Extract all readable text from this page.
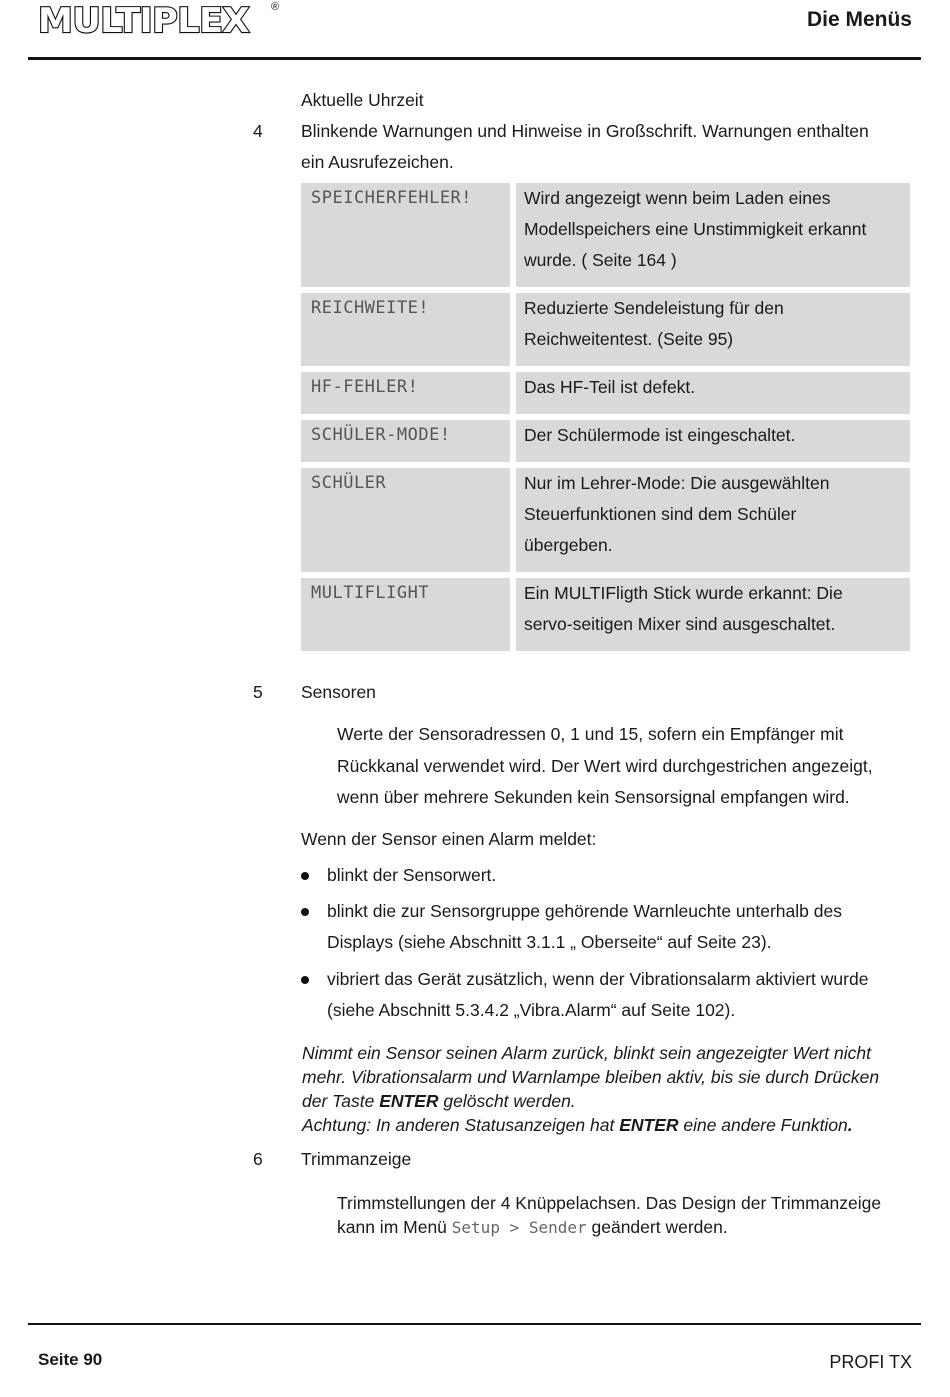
MULTIPLEX	®
Die Menüs
Aktuelle Uhrzeit
4 Blinkende Warnungen und Hinweise in Großschrift. Warnungen enthalten
ein Ausrufezeichen.
SPEICHERFEHLER!	Wird angezeigt wenn beim Laden eines
Modellspeichers eine Unstimmigkeit erkannt
wurde. ( Seite 164 )
REICHWEITE!	Reduzierte Sendeleistung für den
Reichweitentest. (Seite 95)
HF-FEHLER!	Das HF-Teil ist defekt.
SCHÜLER-MODE!	Der Schülermode ist eingeschaltet.
SCHÜLER	Nur im Lehrer-Mode: Die ausgewählten
Steuerfunktionen sind dem Schüler
übergeben.
MULTIFLIGHT	Ein MULTIFligth Stick wurde erkannt: Die
servo-seitigen Mixer sind ausgeschaltet.
5 Sensoren
Werte der Sensoradressen 0, 1 und 15, sofern ein Empfänger mit
Rückkanal verwendet wird. Der Wert wird durchgestrichen angezeigt,
wenn über mehrere Sekunden kein Sensorsignal empfangen wird.
Wenn der Sensor einen Alarm meldet:
blinkt der Sensorwert.
blinkt die zur Sensorgruppe gehörende Warnleuchte unterhalb des
Displays (siehe Abschnitt 3.1.1 „ Oberseite“ auf Seite 23).
vibriert das Gerät zusätzlich, wenn der Vibrationsalarm aktiviert wurde
(siehe Abschnitt 5.3.4.2 „Vibra.Alarm“ auf Seite 102).
Nimmt ein Sensor seinen Alarm zurück, blinkt sein angezeigter Wert nicht
mehr. Vibrationsalarm und Warnlampe bleiben aktiv, bis sie durch Drücken
der Taste ENTER gelöscht werden.
Achtung: In anderen Statusanzeigen hat ENTER eine andere Funktion.
6 Trimmanzeige
Trimmstellungen der 4 Knüppelachsen. Das Design der Trimmanzeige
kann im Menü Setup > Sender geändert werden.
Seite 90	PROFI TX
